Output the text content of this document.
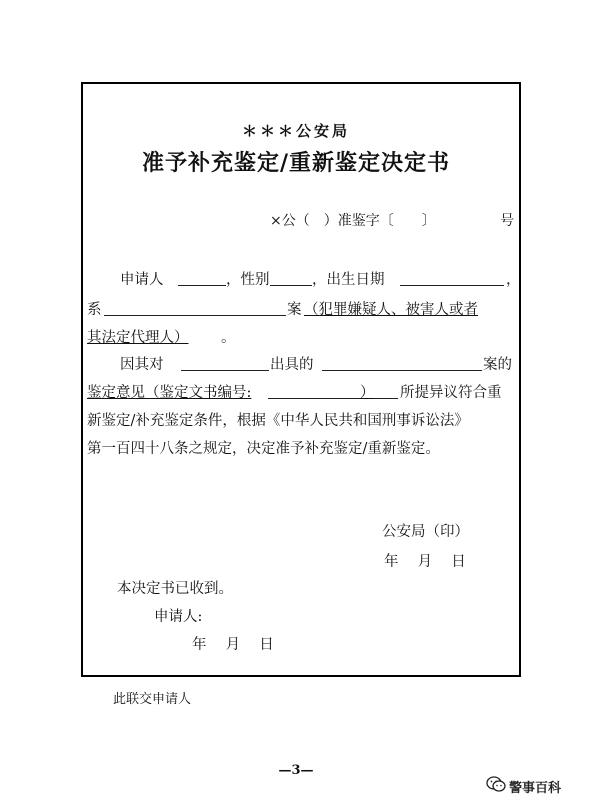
＊＊＊公安局
准予补充鉴定/重新鉴定决定书
×公（　）准鉴字〔　　〕	号
申请人	，性别	，出生日期	，
系	案 （犯罪嫌疑人、被害人或者
其法定代理人） 。
因其对	出具的	案的
鉴定意见（鉴定文书编号:	） 所提异议符合重
新鉴定/补充鉴定条件，根据《中华人民共和国刑事诉讼法》
第一百四十八条之规定，决定准予补充鉴定/重新鉴定。
公安局（印）
年　 月　 日
本决定书已收到。
申请人:
年　 月　 日
此联交申请人
—3—
警事百科
